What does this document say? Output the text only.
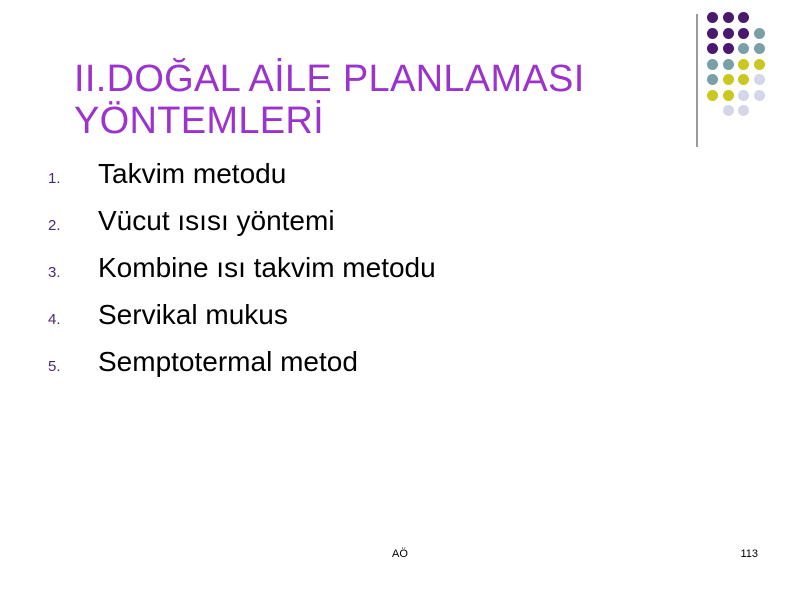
II.DOĞAL AİLE PLANLAMASI YÖNTEMLERİ
1.	Takvim metodu
2.	Vücut ısısı yöntemi
3.	Kombine ısı takvim metodu
4.	Servikal mukus
5.	Semptotermal metod
AÖ	113
